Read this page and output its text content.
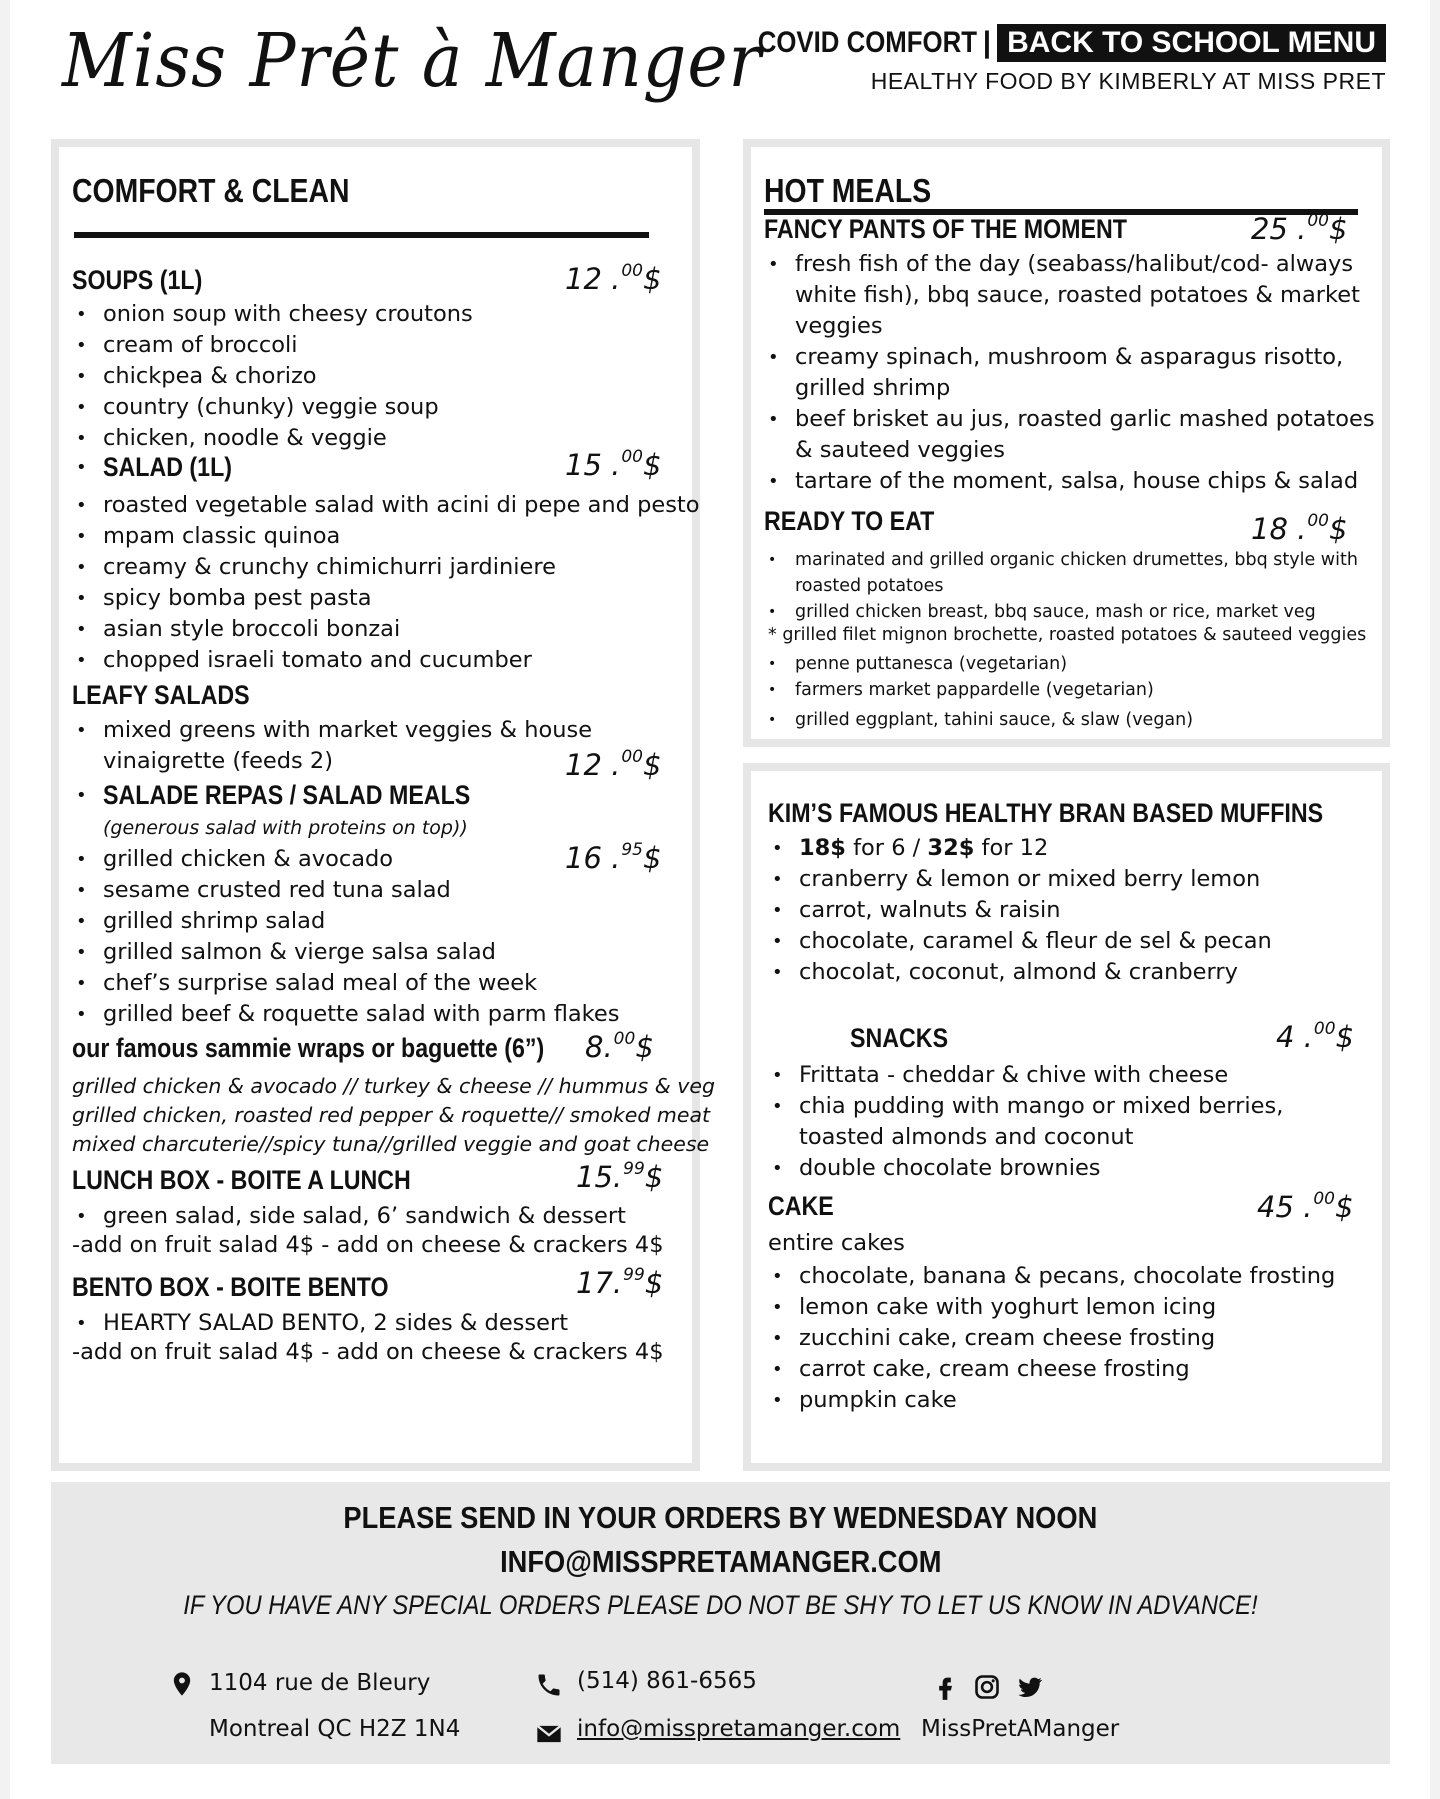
Miss Prêt à Manger
COVID COMFORT | BACK TO SCHOOL MENU
HEALTHY FOOD BY KIMBERLY AT MISS PRET
COMFORT & CLEAN
SOUPS (1L)	12 .$^{00}$\$
• onion soup with cheesy croutons
• cream of broccoli
• chickpea & chorizo
• country (chunky) veggie soup
• chicken, noodle & veggie
• SALAD (1L)	15 .$^{00}$\$
• roasted vegetable salad with acini di pepe and pesto
• mpam classic quinoa
• creamy & crunchy chimichurri jardiniere
• spicy bomba pest pasta
• asian style broccoli bonzai
• chopped israeli tomato and cucumber
LEAFY SALADS
• mixed greens with market veggies & house
vinaigrette (feeds 2)	12 .$^{00}$\$
• SALADE REPAS / SALAD MEALS
(generous salad with proteins on top))
16 .$^{95}$\$
• grilled chicken & avocado
• sesame crusted red tuna salad
• grilled shrimp salad
• grilled salmon & vierge salsa salad
• chef’s surprise salad meal of the week
• grilled beef & roquette salad with parm flakes
our famous sammie wraps or baguette (6”) 8.00$
grilled chicken & avocado // turkey & cheese // hummus & veg
grilled chicken, roasted red pepper & roquette// smoked meat
mixed charcuterie//spicy tuna//grilled veggie and goat cheese
LUNCH BOX - BOITE A LUNCH	15.99$
• green salad, side salad, 6’ sandwich & dessert
-add on fruit salad 4$ - add on cheese & crackers 4$
BENTO BOX - BOITE BENTO	17.99$
• HEARTY SALAD BENTO, 2 sides & dessert
-add on fruit salad 4$ - add on cheese & crackers 4$
HOT MEALS
FANCY PANTS OF THE MOMENT	25 .$^{00}$\$
• fresh fish of the day (seabass/halibut/cod- always
white fish), bbq sauce, roasted potatoes & market
veggies
• creamy spinach, mushroom & asparagus risotto,
grilled shrimp
• beef brisket au jus, roasted garlic mashed potatoes
& sauteed veggies
• tartare of the moment, salsa, house chips & salad
READY TO EAT	18 .$^{00}$\$
• marinated and grilled organic chicken drumettes, bbq style with
roasted potatoes
• grilled chicken breast, bbq sauce, mash or rice, market veg
* grilled filet mignon brochette, roasted potatoes & sauteed veggies
• penne puttanesca (vegetarian)
• farmers market pappardelle (vegetarian)
• grilled eggplant, tahini sauce, & slaw (vegan)
KIM’S FAMOUS HEALTHY BRAN BASED MUFFINS
• 18$ for 6 / 32$ for 12
• cranberry & lemon or mixed berry lemon
• carrot, walnuts & raisin
• chocolate, caramel & fleur de sel & pecan
• chocolat, coconut, almond & cranberry
SNACKS	4 .$^{00}$\$
• Frittata - cheddar & chive with cheese
• chia pudding with mango or mixed berries,
toasted almonds and coconut
• double chocolate brownies
CAKE	45 .$^{00}$\$
entire cakes
• chocolate, banana & pecans, chocolate frosting
• lemon cake with yoghurt lemon icing
• zucchini cake, cream cheese frosting
• carrot cake, cream cheese frosting
• pumpkin cake
PLEASE SEND IN YOUR ORDERS BY WEDNESDAY NOON
INFO@MISSPRETAMANGER.COM
IF YOU HAVE ANY SPECIAL ORDERS PLEASE DO NOT BE SHY TO LET US KNOW IN ADVANCE!
1104 rue de Bleury
Montreal QC H2Z 1N4
(514) 861-6565
info@misspretamanger.com MissPretAManger
